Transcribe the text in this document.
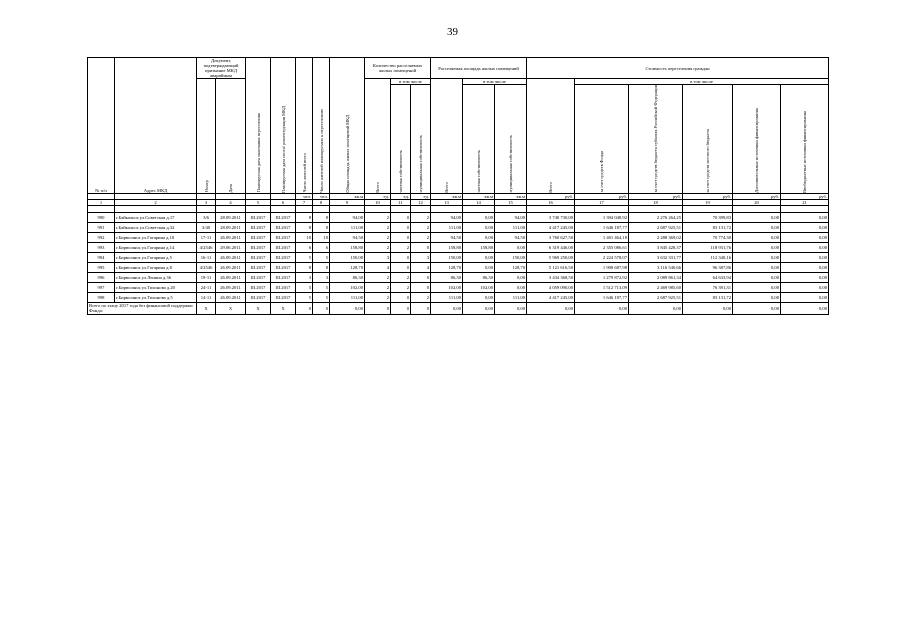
39
№ п/п	Адрес МКД	Документ, подтверждающий признание МКД аварийным		Планируемая дата окончания переселения	Планируемая дата сноса/ реконструкции МКД	Число жителей всего	Число жителей планируемых к переселению	Общая площадь жилых помещений МКД	Количество расселяемых жилых помещений			Расселяемая площадь жилых помещений			Стоимость переселения граждан					

		Номер	Дата						Всего	в том числе		Всего	в том числе		Всего	в том числе				

										частная собственность	муниципальная собственность		частная собственность	муниципальная собственность		за счет средств Фонда	за счет средств бюджета субъекта Российской Федерации	за счет средств местного бюджета	Дополнительные источники финансирования	Внебюджетные источники финансирования

						чел.	чел.	кв.м	ед.	ед.	ед.	кв.м	кв.м	кв.м	руб.	руб.	руб.	руб.	руб.	руб.
1	2	3	4	5	6	7	8	9	10	11	12	13	14	15	16	17	18	19	20	21

990	г.Байкальск ул.Советская д.17	3/6	28.09.2011	III.2017	III.2017	8	8	94,00	2	0	2	94,00	0,00	94,00	3 740 730,00	1 394 048,92	2 276 264,25	70 399,83	0,00	0,00
991	г.Байкальск ул.Советская д.32	3/40	28.09.2011	III.2017	III.2017	8	8	111,00	2	0	2	111,00	0,00	111,00	4 417 245,00	1 646 187,77	2 687 925,51	83 131,72	0,00	0,00
992	г.Бирюсинск ул.Гагарина д.10	17-11	26.09.2011	III.2017	III.2017	10	10	94,50	2	0	2	94,50	0,00	94,50	3 760 627,50	1 401 464,18	2 288 369,02	70 774,30	0,00	0,00
993	г.Бирюсинск ул.Гагарина д.14	4/2546	29.06.2011	III.2017	III.2017	6	6	158,80	2	2	0	158,80	158,80	0,00	6 319 446,00	2 355 086,61	3 845 428,37	118 931,76	0,00	0,00
994	г.Бирюсинск ул.Гагарина д.5	16-11	26.09.2011	III.2017	III.2017	5	5	150,00	3	0	3	150,00	0,00	150,00	5 969 250,00	2 224 578,07	3 632 331,77	112 340,16	0,00	0,00
995	г.Бирюсинск ул.Гагарина д.8	4/2546	26.09.2011	III.2017	III.2017	8	8	128,70	4	0	4	128,70	0,00	128,70	5 121 616,50	1 908 687,98	3 116 540,66	96 387,86	0,00	0,00
996	г.Бирюсинск ул.Ленина д.36	19-11	26.09.2011	III.2017	III.2017	3	3	86,30	2	2	0	86,30	86,30	0,00	3 434 368,50	1 279 872,92	2 089 861,34	64 633,94	0,00	0,00
997	г.Бирюсинск ул.Тихонова д.20	24-11	26.09.2011	III.2017	III.2017	5	5	102,00	2	2	0	102,00	102,00	0,00	4 059 090,00	1 512 713,09	2 469 985,60	76 391,31	0,00	0,00
998	г.Бирюсинск ул.Тихонова д.5	14-11	26.09.2011	III.2017	III.2017	5	5	111,00	2	0	2	111,00	0,00	111,00	4 417 245,00	1 646 187,77	2 687 925,51	83 131,72	0,00	0,00
Всего по этапу 2017 года без финансовой поддержки Фонда:		Х	Х	Х	Х	0	0	0,00	0	0	0	0,00	0,00	0,00	0,00	0,00	0,00	0,00	0,00	0,00
